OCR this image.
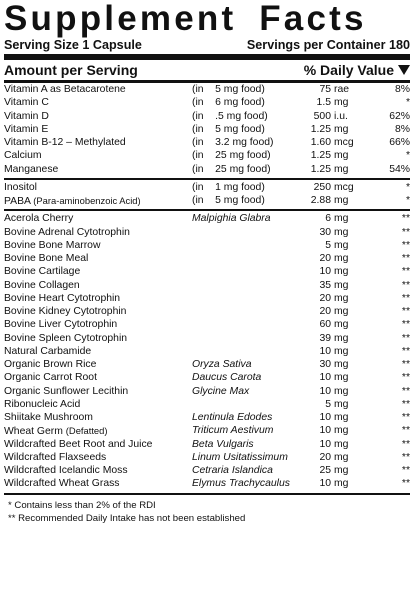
Supplement Facts
Serving Size 1 Capsule	Servings per Container 180
Amount per Serving	% Daily Value
Vitamin A as Betacarotene	(in 5 mg food)	75 rae	8%
Vitamin C	(in 6 mg food)	1.5 mg	*
Vitamin D	(in .5 mg food)	500 i.u.	62%
Vitamin E	(in 5 mg food)	1.25 mg	8%
Vitamin B-12 – Methylated	(in 3.2 mg food)	1.60 mcg	66%
Calcium	(in 25 mg food)	1.25 mg	*
Manganese	(in 25 mg food)	1.25 mg	54%
Inositol	(in 1 mg food)	250 mcg	*
PABA (Para-aminobenzoic Acid)	(in 5 mg food)	2.88 mg	*
Acerola Cherry	Malpighia Glabra	6 mg	**
Bovine Adrenal Cytotrophin	30 mg	**
Bovine Bone Marrow	5 mg	**
Bovine Bone Meal	20 mg	**
Bovine Cartilage	10 mg	**
Bovine Collagen	35 mg	**
Bovine Heart Cytotrophin	20 mg	**
Bovine Kidney Cytotrophin	20 mg	**
Bovine Liver Cytotrophin	60 mg	**
Bovine Spleen Cytotrophin	39 mg	**
Natural Carbamide	10 mg	**
Organic Brown Rice	Oryza Sativa	30 mg	**
Organic Carrot Root	Daucus Carota	10 mg	**
Organic Sunflower Lecithin	Glycine Max	10 mg	**
Ribonucleic Acid	5 mg	**
Shiitake Mushroom	Lentinula Edodes	10 mg	**
Wheat Germ (Defatted)	Triticum Aestivum	10 mg	**
Wildcrafted Beet Root and Juice	Beta Vulgaris	10 mg	**
Wildcrafted Flaxseeds	Linum Usitatissimum	20 mg	**
Wildcrafted Icelandic Moss	Cetraria Islandica	25 mg	**
Wildcrafted Wheat Grass	Elymus Trachycaulus	10 mg	**
* Contains less than 2% of the RDI
** Recommended Daily Intake has not been established
